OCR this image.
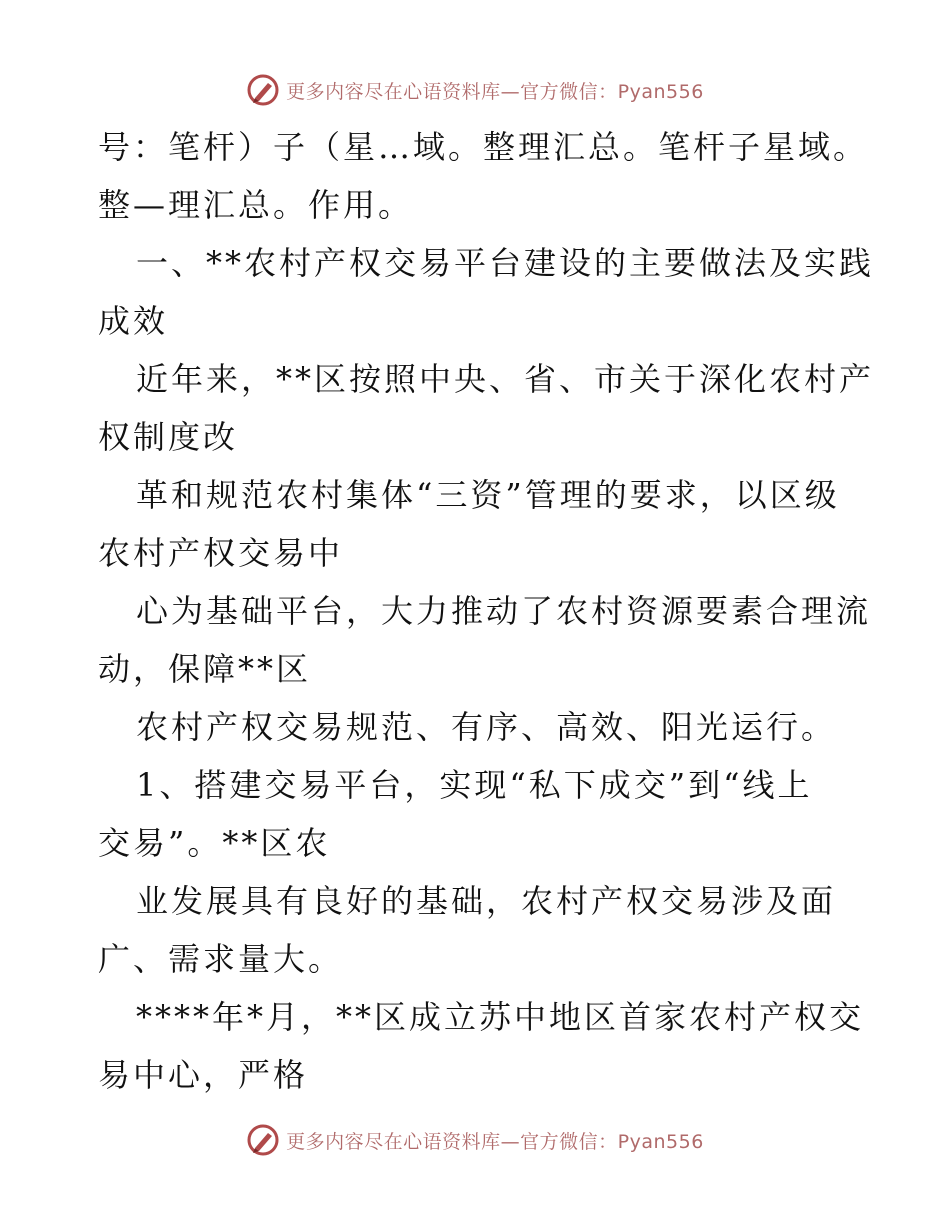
更多内容尽在心语资料库—官方微信：Pyan556

号：笔杆）子（星…域。整理汇总。笔杆子星域。

整—理汇总。作用。

一、**农村产权交易平台建设的主要做法及实践

成效

近年来，**区按照中央、省、市关于深化农村产

权制度改

革和规范农村集体“三资”管理的要求，以区级

农村产权交易中

心为基础平台，大力推动了农村资源要素合理流

动，保障**区

农村产权交易规范、有序、高效、阳光运行。

1、搭建交易平台，实现“私下成交”到“线上

交易”。**区农

业发展具有良好的基础，农村产权交易涉及面

广、需求量大。

****年*月，**区成立苏中地区首家农村产权交

易中心，严格

更多内容尽在心语资料库—官方微信：Pyan556
